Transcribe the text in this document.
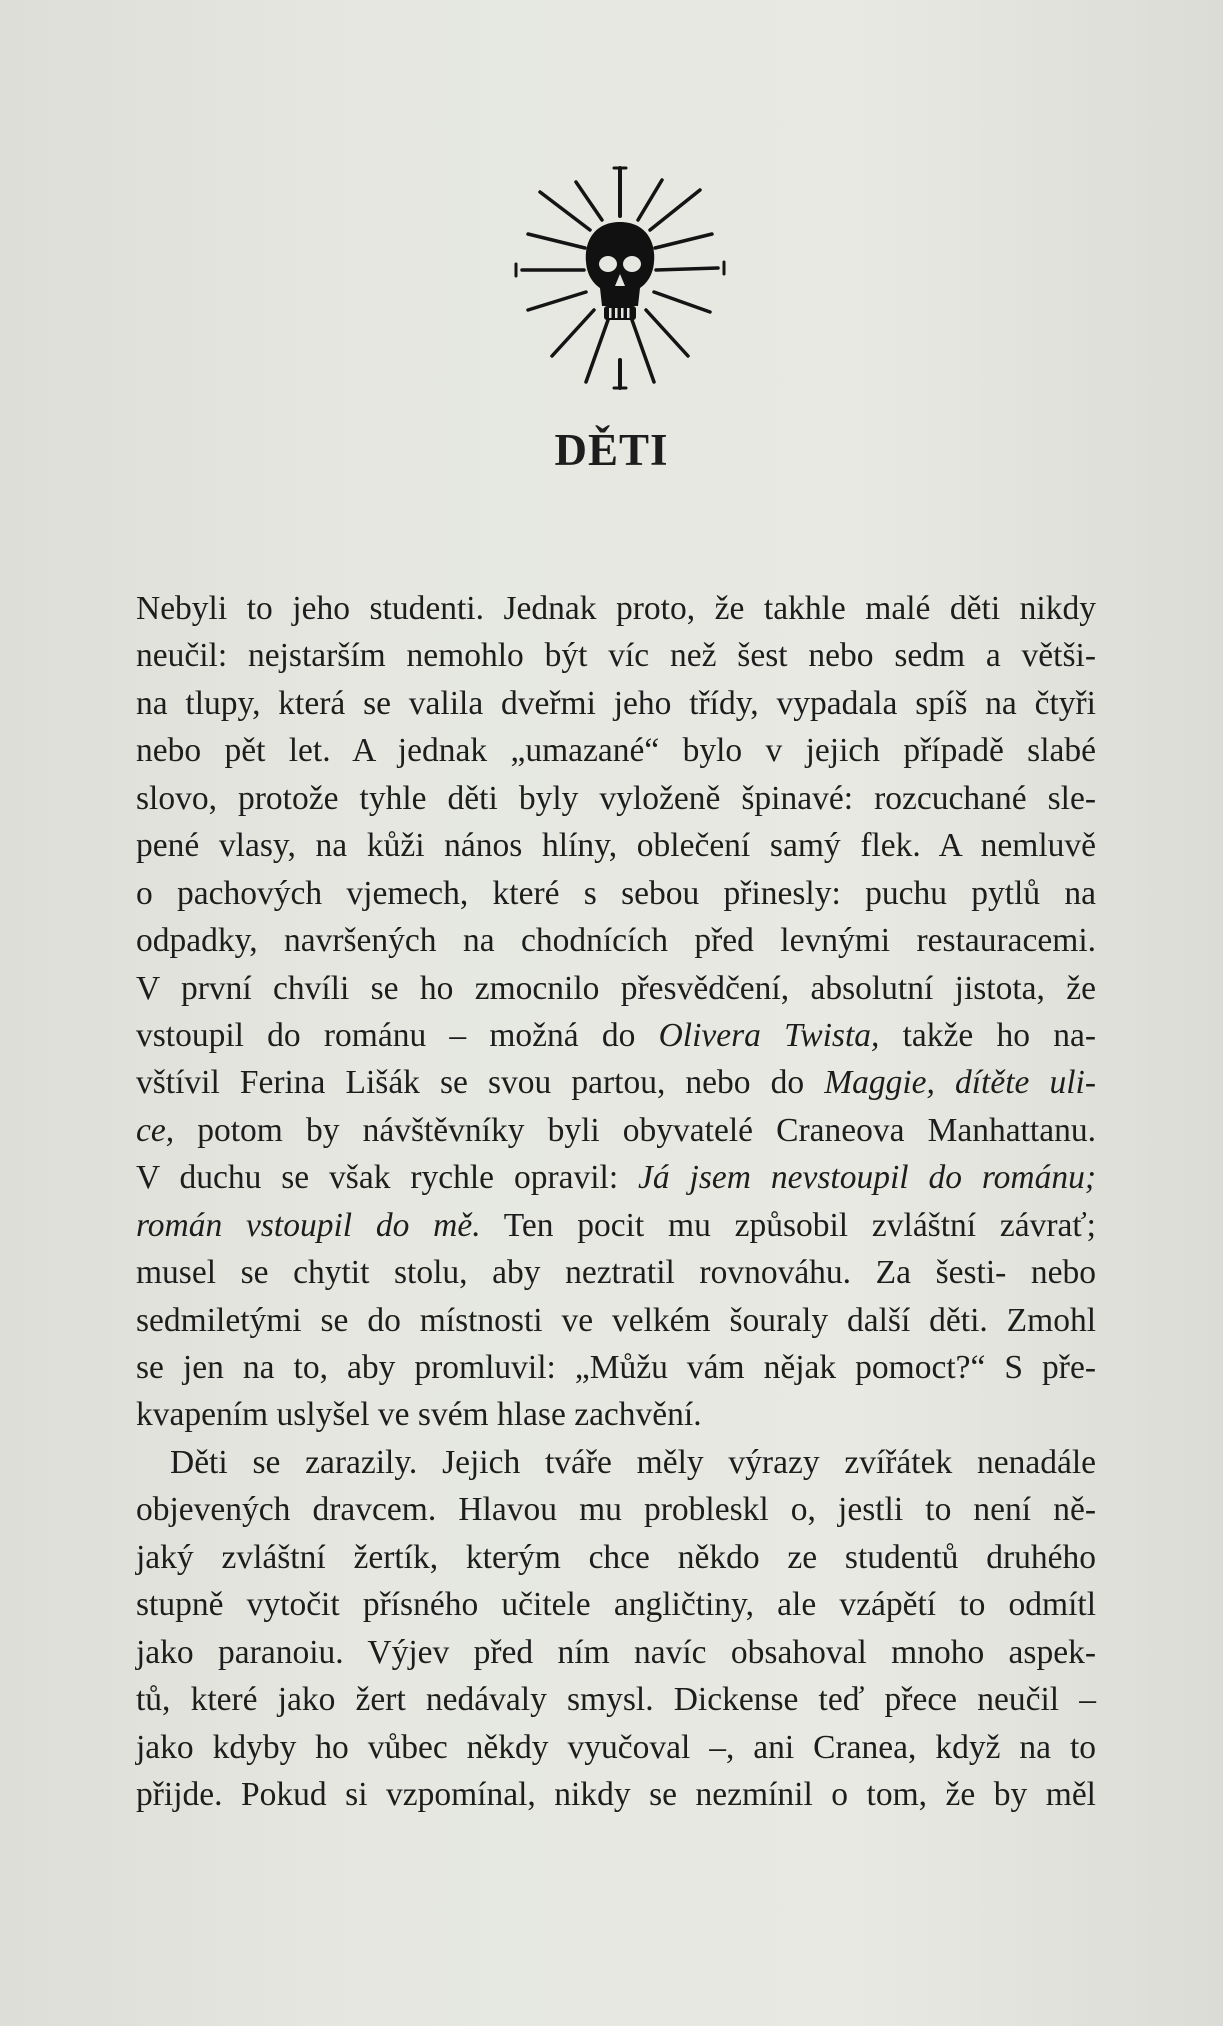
DĚTI
Nebyli to jeho studenti. Jednak proto, že takhle malé děti nikdy
neučil: nejstarším nemohlo být víc než šest nebo sedm a větši-
na tlupy, která se valila dveřmi jeho třídy, vypadala spíš na čtyři
nebo pět let. A jednak „umazané“ bylo v jejich případě slabé
slovo, protože tyhle děti byly vyloženě špinavé: rozcuchané sle-
pené vlasy, na kůži nános hlíny, oblečení samý flek. A nemluvě
o pachových vjemech, které s sebou přinesly: puchu pytlů na
odpadky, navršených na chodnících před levnými restauracemi.
V první chvíli se ho zmocnilo přesvědčení, absolutní jistota, že
vstoupil do románu – možná do Olivera Twista, takže ho na-
vštívil Ferina Lišák se svou partou, nebo do Maggie, dítěte uli-
ce, potom by návštěvníky byli obyvatelé Craneova Manhattanu.
V duchu se však rychle opravil: Já jsem nevstoupil do románu;
román vstoupil do mě. Ten pocit mu způsobil zvláštní závrať;
musel se chytit stolu, aby neztratil rovnováhu. Za šesti- nebo
sedmiletými se do místnosti ve velkém šouraly další děti. Zmohl
se jen na to, aby promluvil: „Můžu vám nějak pomoct?“ S pře-
kvapením uslyšel ve svém hlase zachvění.
Děti se zarazily. Jejich tváře měly výrazy zvířátek nenadále
objevených dravcem. Hlavou mu probleskl o, jestli to není ně-
jaký zvláštní žertík, kterým chce někdo ze studentů druhého
stupně vytočit přísného učitele angličtiny, ale vzápětí to odmítl
jako paranoiu. Výjev před ním navíc obsahoval mnoho aspek-
tů, které jako žert nedávaly smysl. Dickense teď přece neučil –
jako kdyby ho vůbec někdy vyučoval –, ani Cranea, když na to
přijde. Pokud si vzpomínal, nikdy se nezmínil o tom, že by měl
